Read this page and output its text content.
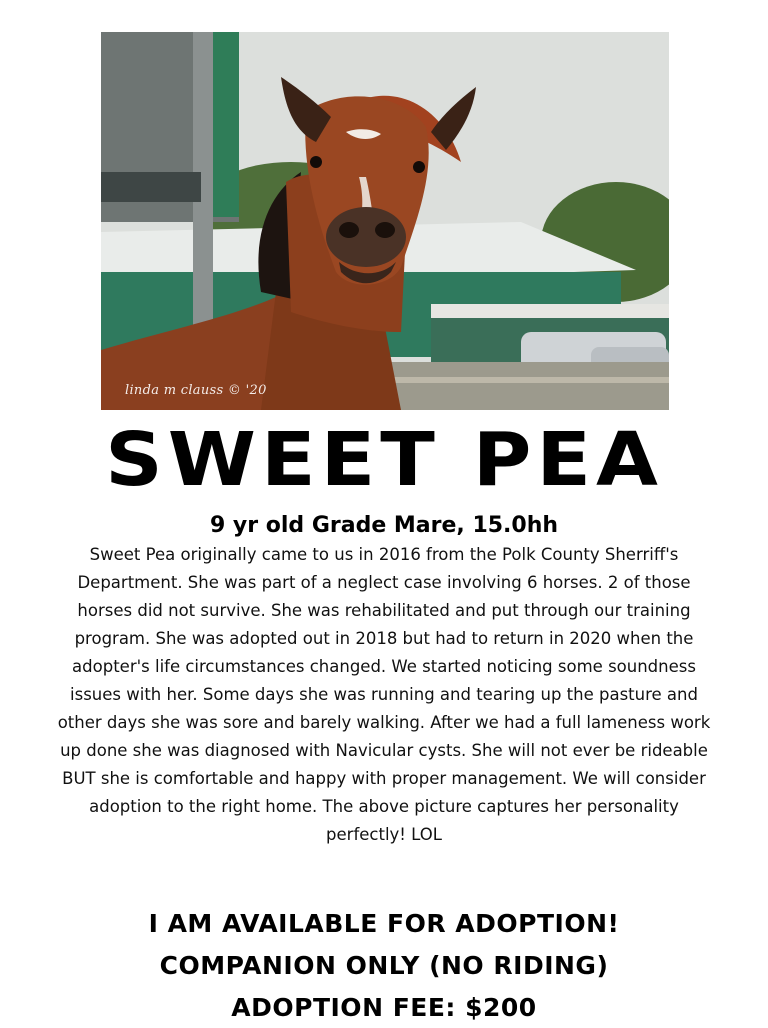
linda m clauss © '20
SWEET PEA
9 yr old Grade Mare, 15.0hh
Sweet Pea originally came to us in 2016 from the Polk County Sherriff's Department. She was part of a neglect case involving 6 horses. 2 of those horses did not survive. She was rehabilitated and put through our training program. She was adopted out in 2018 but had to return in 2020 when the adopter's life circumstances changed. We started noticing some soundness issues with her. Some days she was running and tearing up the pasture and other days she was sore and barely walking. After we had a full lameness work up done she was diagnosed with Navicular cysts. She will not ever be rideable BUT she is comfortable and happy with proper management. We will consider adoption to the right home. The above picture captures her personality perfectly! LOL
I AM AVAILABLE FOR ADOPTION!
COMPANION ONLY (NO RIDING)
ADOPTION FEE: $200
